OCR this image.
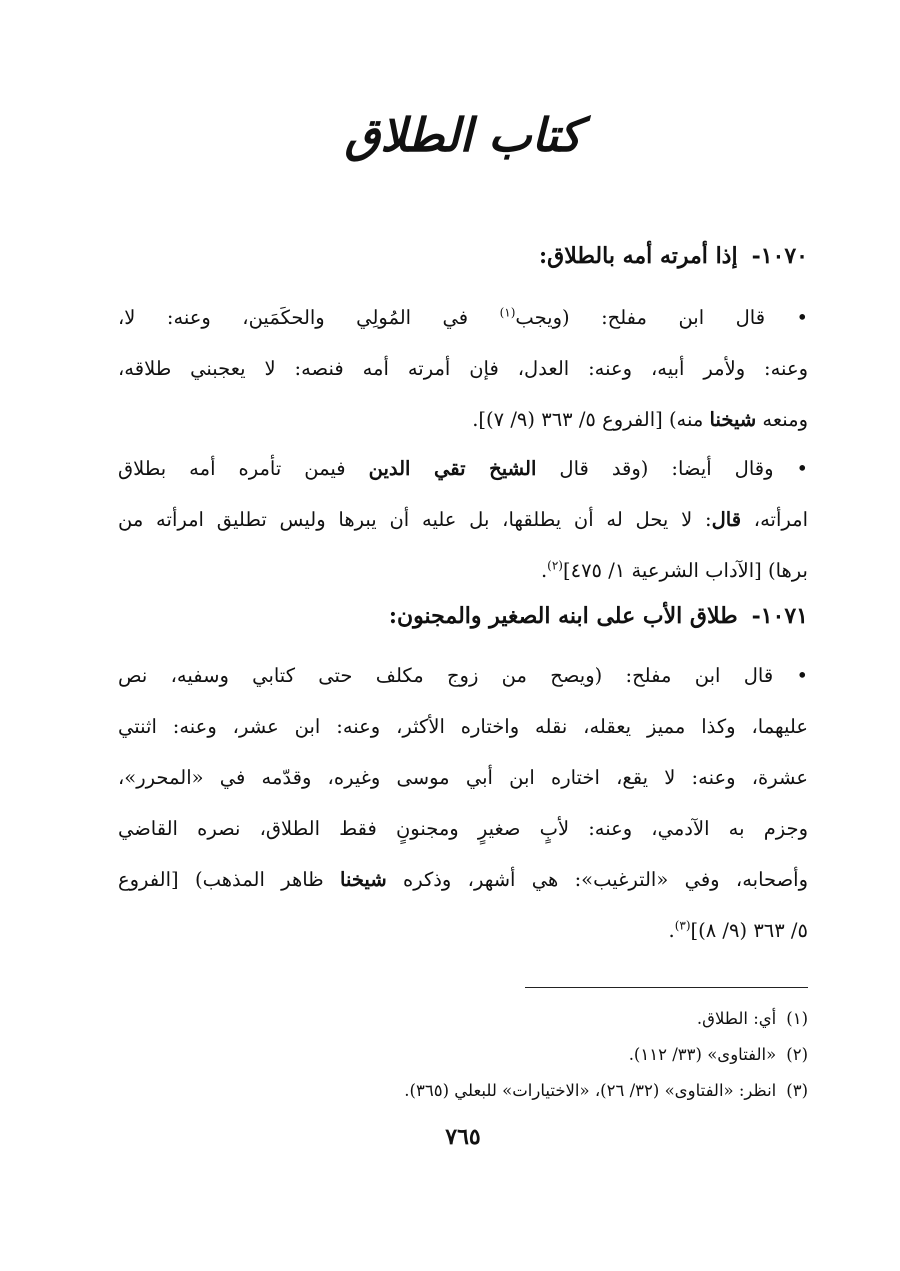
كتاب الطلاق
١٠٧٠-إذا أمرته أمه بالطلاق:
• قال ابن مفلح: (ويجب$^{(١)}$ في المُولِي والحكَمَين، وعنه: لا،
وعنه: ولأمر أبيه، وعنه: العدل، فإن أمرته أمه فنصه: لا يعجبني طلاقه،
ومنعه شيخنا منه) [الفروع ٥/ ٣٦٣ (٩/ ٧)].
• وقال أيضا: (وقد قال الشيخ تقي الدين فيمن تأمره أمه بطلاق
امرأته، قال: لا يحل له أن يطلقها، بل عليه أن يبرها وليس تطليق امرأته من
برها) [الآداب الشرعية ١/ ٤٧٥]$^{(٢)}$.
١٠٧١-طلاق الأب على ابنه الصغير والمجنون:
• قال ابن مفلح: (ويصح من زوج مكلف حتى كتابي وسفيه، نص
عليهما، وكذا مميز يعقله، نقله واختاره الأكثر، وعنه: ابن عشر، وعنه: اثنتي
عشرة، وعنه: لا يقع، اختاره ابن أبي موسى وغيره، وقدّمه في «المحرر»،
وجزم به الآدمي، وعنه: لأبٍ صغيرٍ ومجنونٍ فقط الطلاق، نصره القاضي
وأصحابه، وفي «الترغيب»: هي أشهر، وذكره شيخنا ظاهر المذهب) [الفروع
٥/ ٣٦٣ (٩/ ٨)]$^{(٣)}$.
(١)أي: الطلاق.
(٢)«الفتاوى» (٣٣/ ١١٢).
(٣)انظر: «الفتاوى» (٣٢/ ٢٦)، «الاختيارات» للبعلي (٣٦٥).
٧٦٥
